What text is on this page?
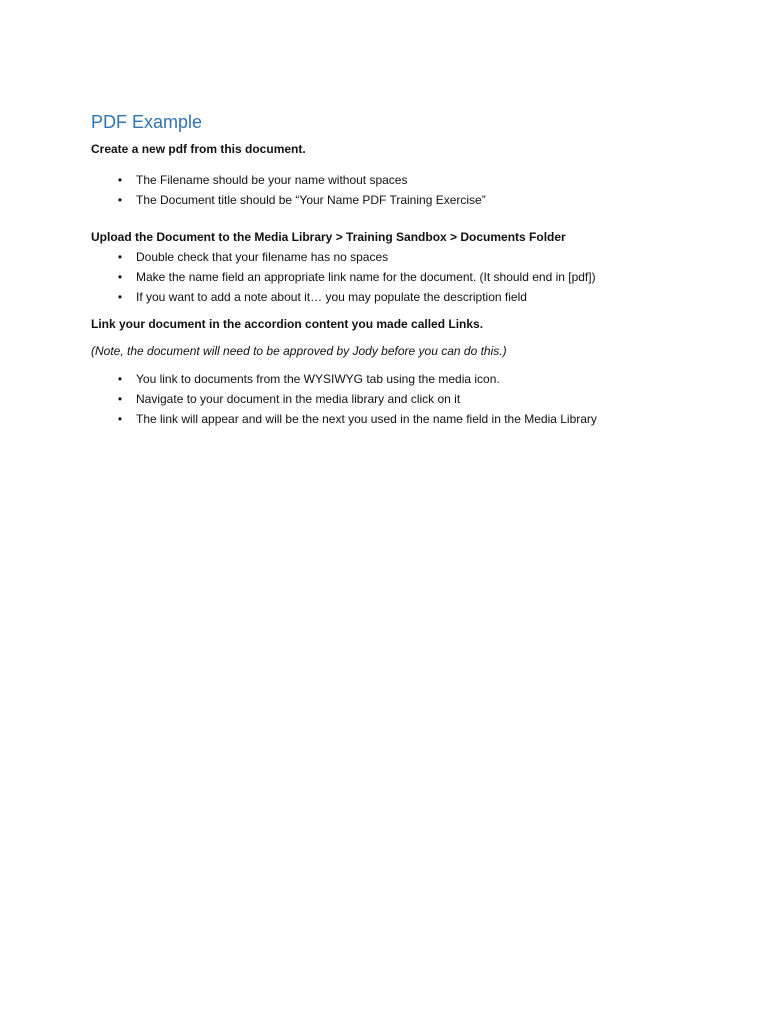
PDF Example

Create a new pdf from this document.

• The Filename should be your name without spaces
• The Document title should be “Your Name PDF Training Exercise”

Upload the Document to the Media Library > Training Sandbox > Documents Folder

• Double check that your filename has no spaces
• Make the name field an appropriate link name for the document. (It should end in [pdf])
• If you want to add a note about it… you may populate the description field

Link your document in the accordion content you made called Links.

(Note, the document will need to be approved by Jody before you can do this.)

• You link to documents from the WYSIWYG tab using the media icon.
• Navigate to your document in the media library and click on it
• The link will appear and will be the next you used in the name field in the Media Library
